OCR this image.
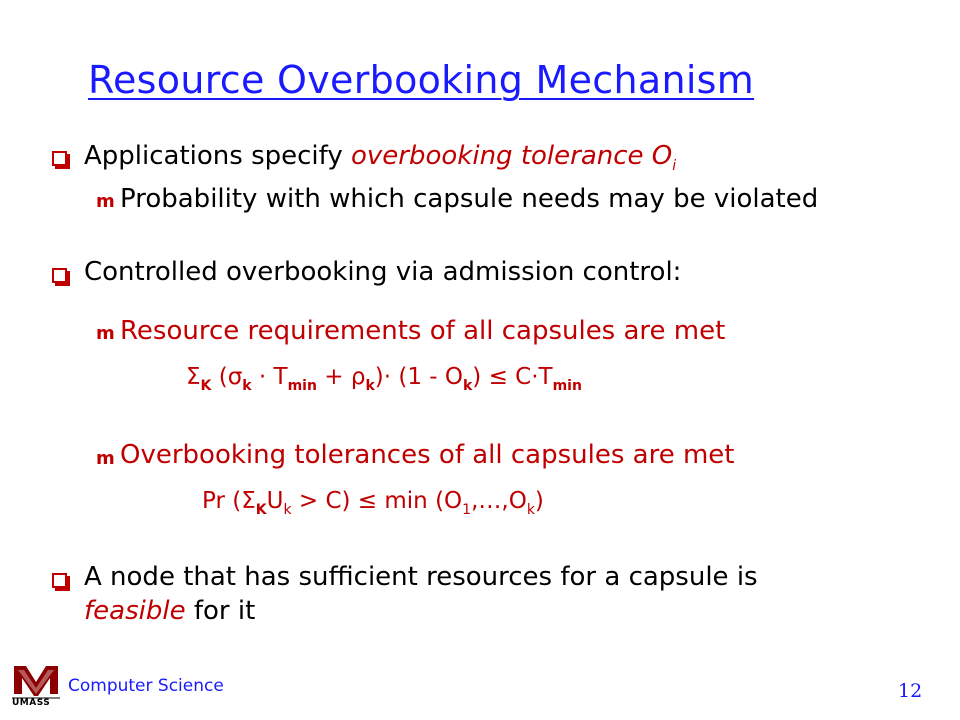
Resource Overbooking Mechanism
Applications specify overbooking tolerance $O_i$
m Probability with which capsule needs may be violated
Controlled overbooking via admission control:
m Resource requirements of all capsules are met
$\Sigma_K$ $(\sigma_k \cdot T_{min} + \rho_k)\cdot (1 - O_k) \le C\cdot T_{min}$
m Overbooking tolerances of all capsules are met
Pr $(\Sigma_KU_k > C) \le \min$ $(O_1,\dots,O_k)$
A node that has sufficient resources for a capsule is
feasible for it
UMASS
Computer Science	12
